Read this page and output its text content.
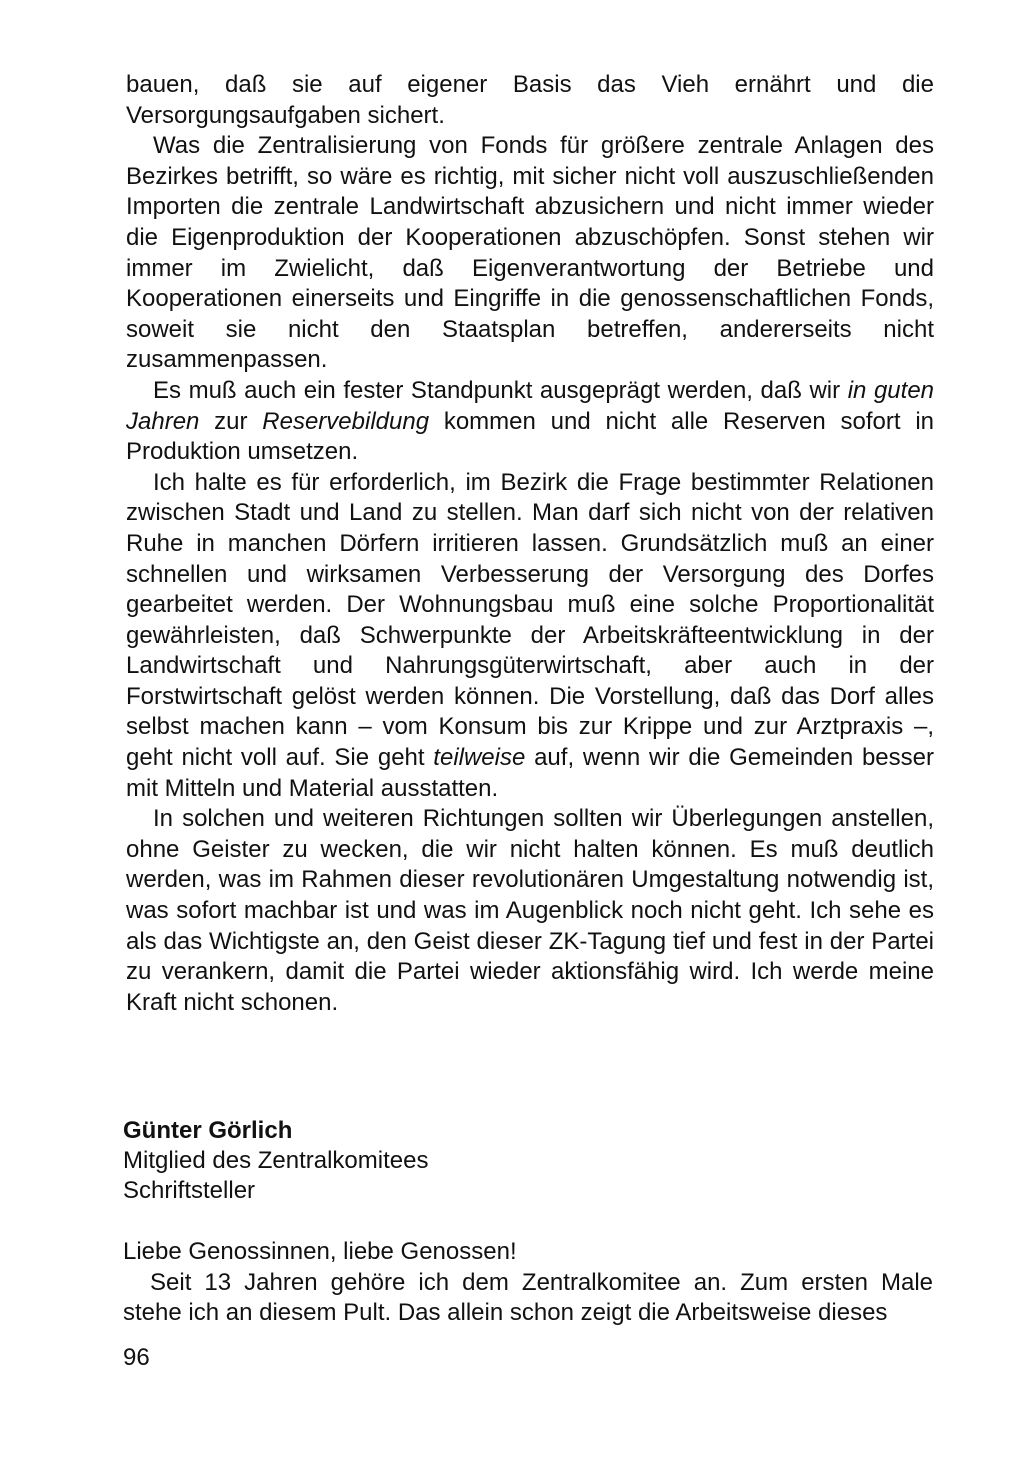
bauen, daß sie auf eigener Basis das Vieh ernährt und die Versorgungsaufgaben sichert.

Was die Zentralisierung von Fonds für größere zentrale Anlagen des Bezirkes betrifft, so wäre es richtig, mit sicher nicht voll auszuschließenden Importen die zentrale Landwirtschaft abzusichern und nicht immer wieder die Eigenproduktion der Kooperationen abzuschöpfen. Sonst stehen wir immer im Zwielicht, daß Eigenverantwortung der Betriebe und Kooperationen einerseits und Eingriffe in die genossenschaftlichen Fonds, soweit sie nicht den Staatsplan betreffen, andererseits nicht zusammenpassen.

Es muß auch ein fester Standpunkt ausgeprägt werden, daß wir in guten Jahren zur Reservebildung kommen und nicht alle Reserven sofort in Produktion umsetzen.

Ich halte es für erforderlich, im Bezirk die Frage bestimmter Relationen zwischen Stadt und Land zu stellen. Man darf sich nicht von der relativen Ruhe in manchen Dörfern irritieren lassen. Grundsätzlich muß an einer schnellen und wirksamen Verbesserung der Versorgung des Dorfes gearbeitet werden. Der Wohnungsbau muß eine solche Proportionalität gewährleisten, daß Schwerpunkte der Arbeitskräfteentwicklung in der Landwirtschaft und Nahrungsgüterwirtschaft, aber auch in der Forstwirtschaft gelöst werden können. Die Vorstellung, daß das Dorf alles selbst machen kann – vom Konsum bis zur Krippe und zur Arztpraxis –, geht nicht voll auf. Sie geht teilweise auf, wenn wir die Gemeinden besser mit Mitteln und Material ausstatten.

In solchen und weiteren Richtungen sollten wir Überlegungen anstellen, ohne Geister zu wecken, die wir nicht halten können. Es muß deutlich werden, was im Rahmen dieser revolutionären Umgestaltung notwendig ist, was sofort machbar ist und was im Augenblick noch nicht geht. Ich sehe es als das Wichtigste an, den Geist dieser ZK-Tagung tief und fest in der Partei zu verankern, damit die Partei wieder aktionsfähig wird. Ich werde meine Kraft nicht schonen.

Günter Görlich

Mitglied des Zentralkomitees

Schriftsteller

Liebe Genossinnen, liebe Genossen!

Seit 13 Jahren gehöre ich dem Zentralkomitee an. Zum ersten Male stehe ich an diesem Pult. Das allein schon zeigt die Arbeitsweise dieses

96
